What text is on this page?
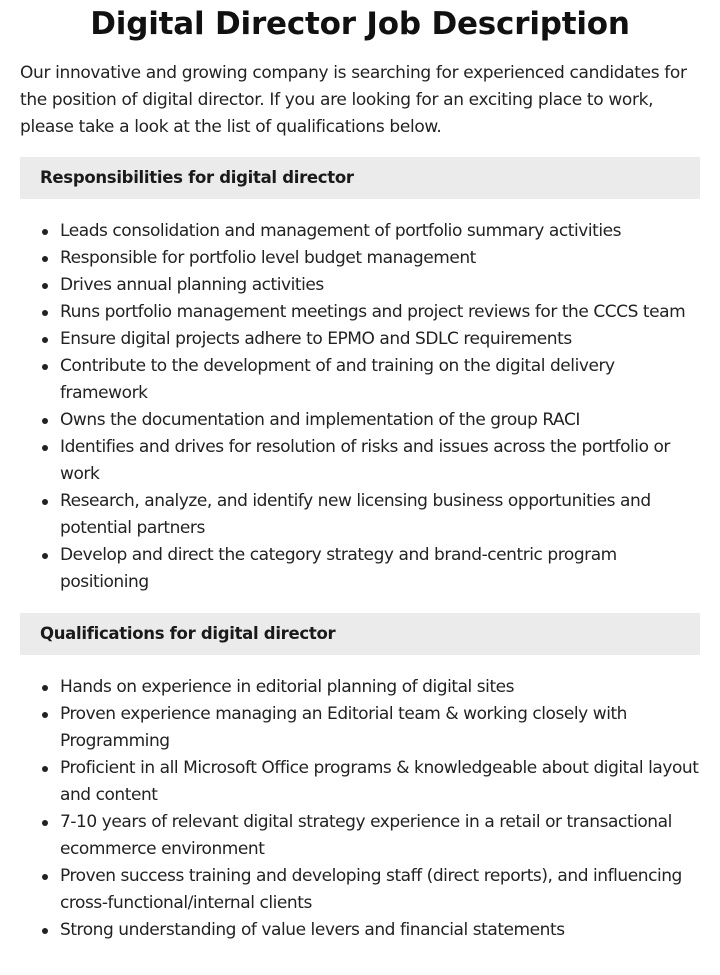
Digital Director Job Description

Our innovative and growing company is searching for experienced candidates for the position of digital director. If you are looking for an exciting place to work, please take a look at the list of qualifications below.

Responsibilities for digital director
Leads consolidation and management of portfolio summary activities
Responsible for portfolio level budget management
Drives annual planning activities
Runs portfolio management meetings and project reviews for the CCCS team
Ensure digital projects adhere to EPMO and SDLC requirements
Contribute to the development of and training on the digital delivery framework
Owns the documentation and implementation of the group RACI
Identifies and drives for resolution of risks and issues across the portfolio or work
Research, analyze, and identify new licensing business opportunities and potential partners
Develop and direct the category strategy and brand-centric program positioning
Qualifications for digital director
Hands on experience in editorial planning of digital sites
Proven experience managing an Editorial team & working closely with Programming
Proficient in all Microsoft Office programs & knowledgeable about digital layout and content
7-10 years of relevant digital strategy experience in a retail or transactional ecommerce environment
Proven success training and developing staff (direct reports), and influencing cross-functional/internal clients
Strong understanding of value levers and financial statements
